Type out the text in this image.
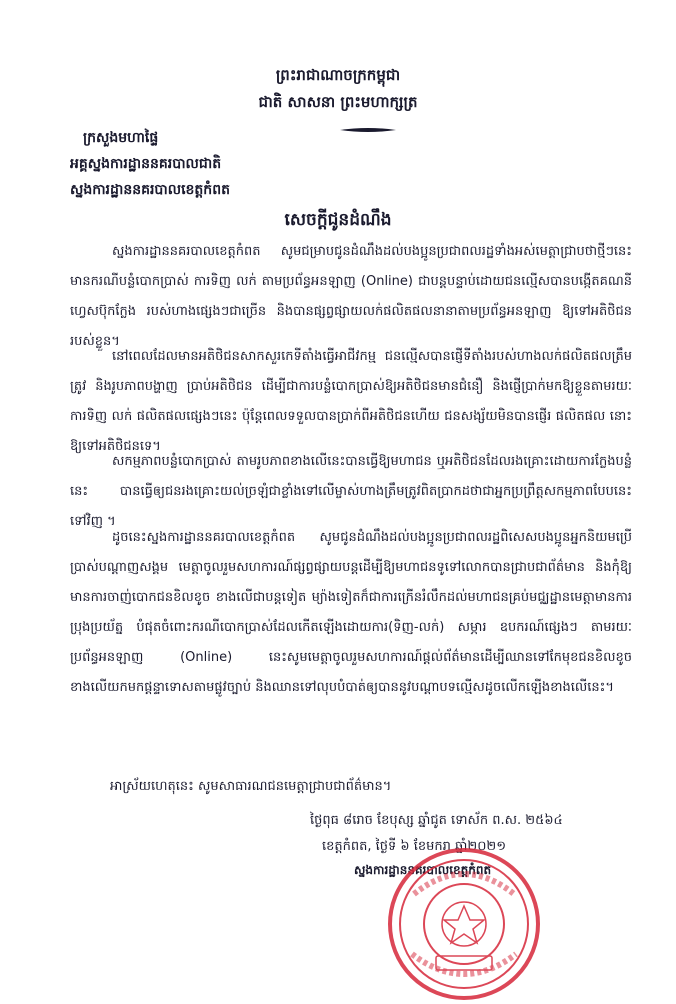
ព្រះរាជាណាចក្រកម្ពុជា
ជាតិ សាសនា ព្រះមហាក្សត្រ
ក្រសួងមហាផ្ទៃ
អគ្គស្នងការដ្ឋាននគរបាលជាតិ
ស្នងការដ្ឋាននគរបាលខេត្តកំពត
សេចក្តីជូនដំណឹង

ស្នងការដ្ឋាននគរបាលខេត្តកំពត សូមជម្រាបជូនដំណឹងដល់បងប្អូនប្រជាពលរដ្ឋទាំងអស់មេត្តាជ្រាបថាថ្មីៗនេះមានករណីបន្លំបោកប្រាស់ ការទិញ លក់ តាមប្រព័ន្ធអនឡាញ (Online) ជាបន្តបន្ទាប់ដោយជនល្មើសបានបង្កើតគណនីហ្វេសប៊ុកក្លែង របស់ហាងផ្សេងៗជាច្រើន និងបានផ្សព្វផ្សាយលក់ផលិតផលនានាតាមប្រព័ន្ធអនឡាញ ឱ្យទៅអតិថិជនរបស់ខ្លួន។

នៅពេលដែលមានអតិថិជនសាកសួរកេទីតាំងធ្វើអាជីវកម្ម ជនល្មើសបានផ្ញើទីតាំងរបស់ហាងលក់ផលិតផលត្រឹមត្រូវ និងរូបភាពបង្ហាញ ប្រាប់អតិថិជន ដើម្បីជាការបន្លំបោកប្រាស់ឱ្យអតិថិជនមានជំនឿ និងផ្ញើប្រាក់មកឱ្យខ្លួនតាមរយៈការទិញ លក់ ផលិតផលផ្សេងៗនេះ ប៉ុន្តែពេលទទួលបានប្រាក់ពីអតិថិជនហើយ ជនសង្ស័យមិនបានផ្ញើរ ផលិតផល នោះឱ្យទៅអតិថិជនទេ។

សកម្មភាពបន្លំបោកប្រាស់ តាមរូបភាពខាងលើនេះបានធ្វើឱ្យមហាជន ឬអតិថិជនដែលរងគ្រោះដោយការក្លែងបន្លំនេះ បានធ្វើឲ្យជនរងគ្រោះយល់ច្រឡំជាខ្លាំងទៅលើម្ចាស់ហាងត្រឹមត្រូវពិតប្រាកដថាជាអ្នកប្រព្រឹត្តសកម្មភាពបែបនេះទៅវិញ ។

ដូចនេះស្នងការដ្ឋាននគរបាលខេត្តកំពត សូមជូនដំណឹងដល់បងប្អូនប្រជាពលរដ្ឋពិសេសបងប្អូនអ្នកនិយមប្រើប្រាស់បណ្តាញសង្គម មេត្តាចូលរួមសហការណ៍ផ្សព្វផ្សាយបន្តដើម្បីឱ្យមហាជនទូទៅលោកបានជ្រាបជាព័ត៌មាន និងកុំឱ្យមានការចាញ់បោកជនខិលខូច ខាងលើជាបន្តទៀត ម្យ៉ាងទៀតក៏ជាការក្រើនរំលឹកដល់មហាជនគ្រប់មជ្ឈដ្ឋានមេត្តាមានការប្រុងប្រយ័ត្ន បំផុតចំពោះករណីបោកប្រាស់ដែលកើតឡើងដោយការ(ទិញ-លក់) សម្ភារ ឧបករណ៍ផ្សេងៗ តាមរយៈប្រព័ន្ធអនឡាញ (Online) នេះសូមមេត្តាចូលរួមសហការណ៍ផ្តល់ព័ត៌មានដើម្បីឈានទៅកែមុខជនខិលខូចខាងលើយកមកផ្តន្ទាទោសតាមផ្លូវច្បាប់ និងឈានទៅលុបបំបាត់ឲ្យបាននូវបណ្តាបទល្មើសដូចលើកឡើងខាងលើនេះ។

អាស្រ័យហេតុនេះ សូមសាធារណជនមេត្តាជ្រាបជាព័ត៌មាន។
ថ្ងៃពុធ ៨រោច ខែបុស្ស ឆ្នាំជូត ទោស័ក ព.ស. ២៥៦៤
ខេត្តកំពត, ថ្ងៃទី ៦ ខែមករា ឆ្នាំ២០២១
ស្នងការដ្ឋាននគរបាលខេត្តកំពត
